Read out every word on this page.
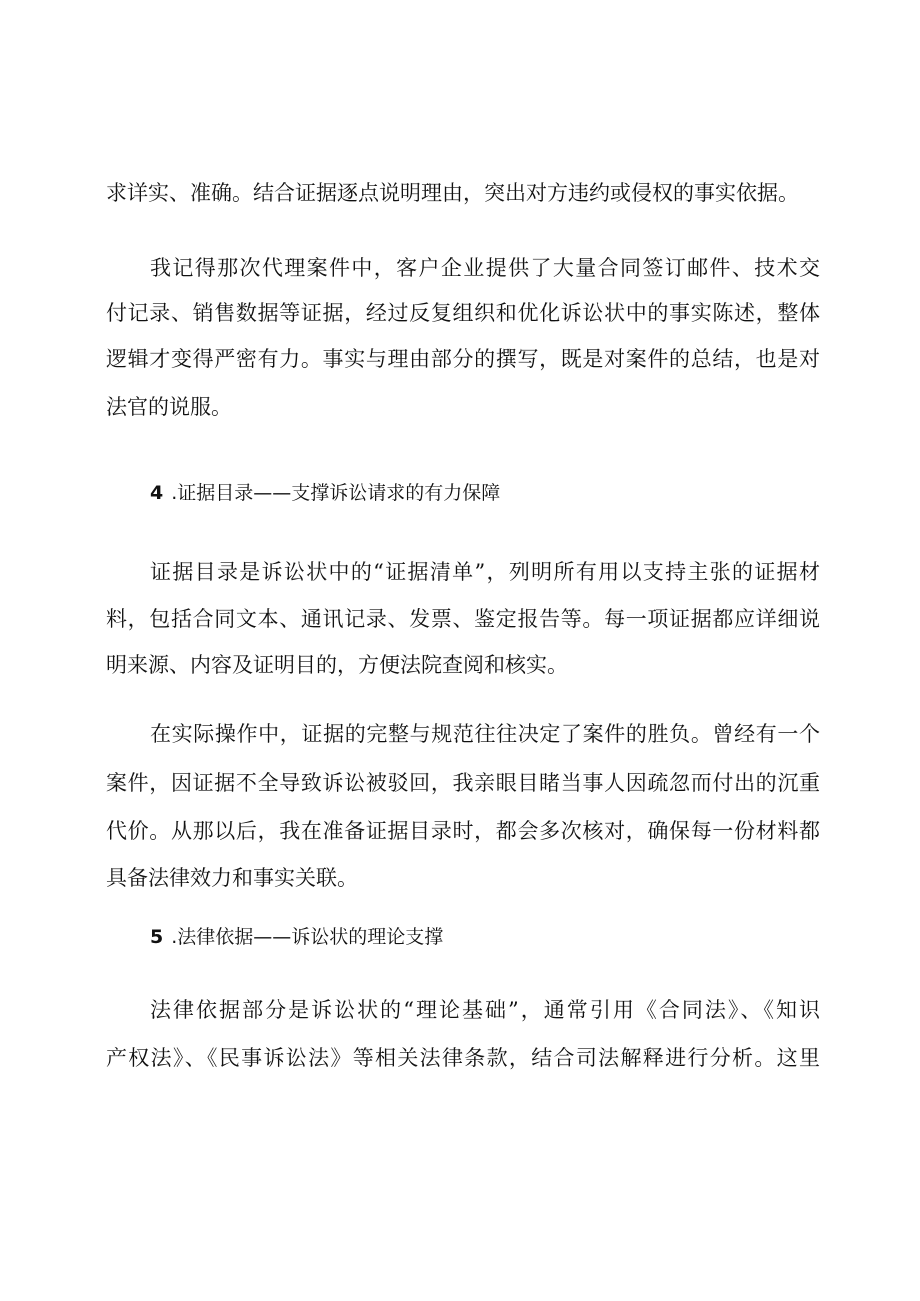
求详实、准确。结合证据逐点说明理由，突出对方违约或侵权的事实依据。
我记得那次代理案件中，客户企业提供了大量合同签订邮件、技术交
付记录、销售数据等证据，经过反复组织和优化诉讼状中的事实陈述，整体
逻辑才变得严密有力。事实与理由部分的撰写，既是对案件的总结，也是对
法官的说服。
4 .证据目录——支撑诉讼请求的有力保障
证据目录是诉讼状中的“证据清单”，列明所有用以支持主张的证据材
料，包括合同文本、通讯记录、发票、鉴定报告等。每一项证据都应详细说
明来源、内容及证明目的，方便法院查阅和核实。
在实际操作中，证据的完整与规范往往决定了案件的胜负。曾经有一个
案件，因证据不全导致诉讼被驳回，我亲眼目睹当事人因疏忽而付出的沉重
代价。从那以后，我在准备证据目录时，都会多次核对，确保每一份材料都
具备法律效力和事实关联。
5 .法律依据——诉讼状的理论支撑
法律依据部分是诉讼状的“理论基础”，通常引用《合同法》、《知识
产权法》、《民事诉讼法》等相关法律条款，结合司法解释进行分析。这里
